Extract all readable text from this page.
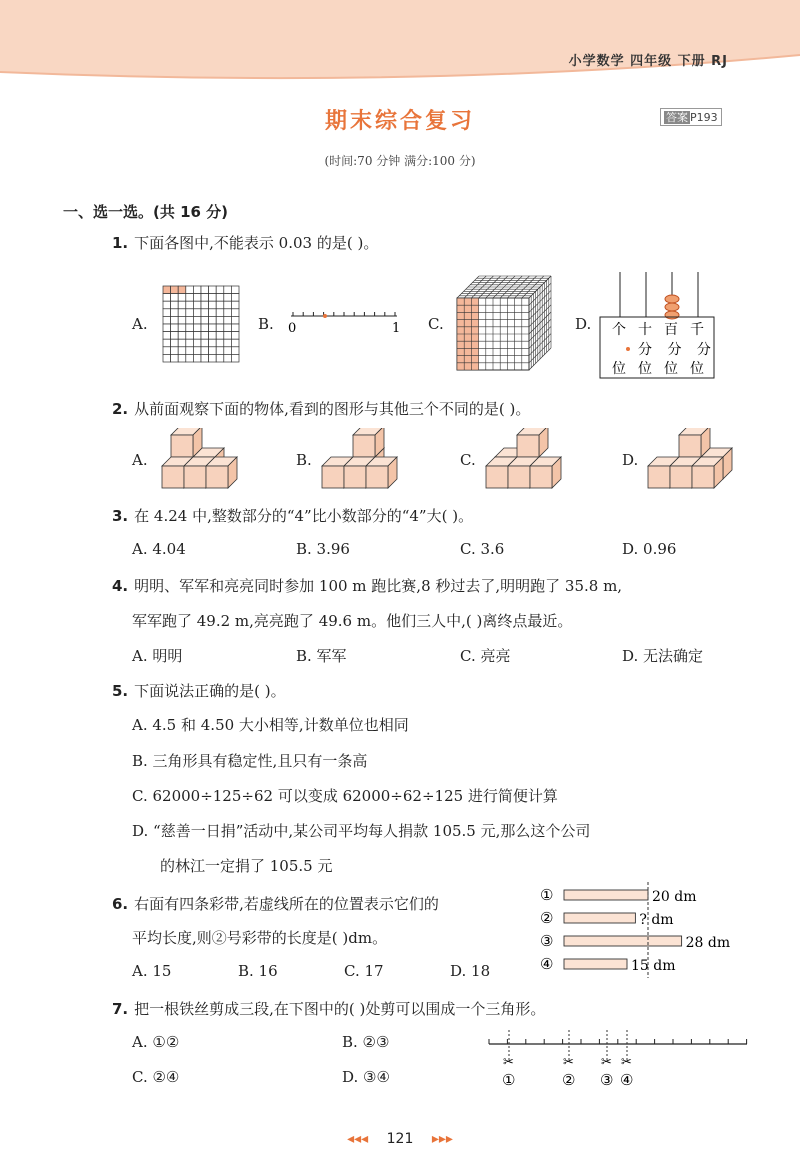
小学数学 四年级 下册 RJ
期末综合复习	答案 P193
(时间:70 分钟 满分:100 分)
一、选一选。(共 16 分)
1. 下面各图中,不能表示 0.03 的是( )。
A.	B. 0	1 C.	D. 个 十 百 千
分 分 分
位 位 位 位
2. 从前面观察下面的物体,看到的图形与其他三个不同的是( )。
A.	B.	C.	D.
3. 在 4.24 中,整数部分的“4”比小数部分的“4”大( )。
A. 4.04	B. 3.96	C. 3.6	D. 0.96
4. 明明、军军和亮亮同时参加 100 m 跑比赛,8 秒过去了,明明跑了 35.8 m,
军军跑了 49.2 m,亮亮跑了 49.6 m。他们三人中,( )离终点最近。
A. 明明	B. 军军	C. 亮亮	D. 无法确定
5. 下面说法正确的是( )。
A. 4.5 和 4.50 大小相等,计数单位也相同
B. 三角形具有稳定性,且只有一条高
C. 62000÷125÷62 可以变成 62000÷62÷125 进行简便计算
D. “慈善一日捐”活动中,某公司平均每人捐款 105.5 元,那么这个公司
的林江一定捐了 105.5 元
6. 右面有四条彩带,若虚线所在的位置表示它们的
平均长度,则②号彩带的长度是( )dm。
A. 15	B. 16	C. 17	D. 18
①	20 dm
②	? dm
③	28 dm
④	15 dm
7. 把一根铁丝剪成三段,在下图中的( )处剪可以围成一个三角形。
A. ①②	B. ②③
C. ②④	D. ③④
✂
①
✂
②
✂
③
✂
④
◂◂◂ 121 ▸▸▸
